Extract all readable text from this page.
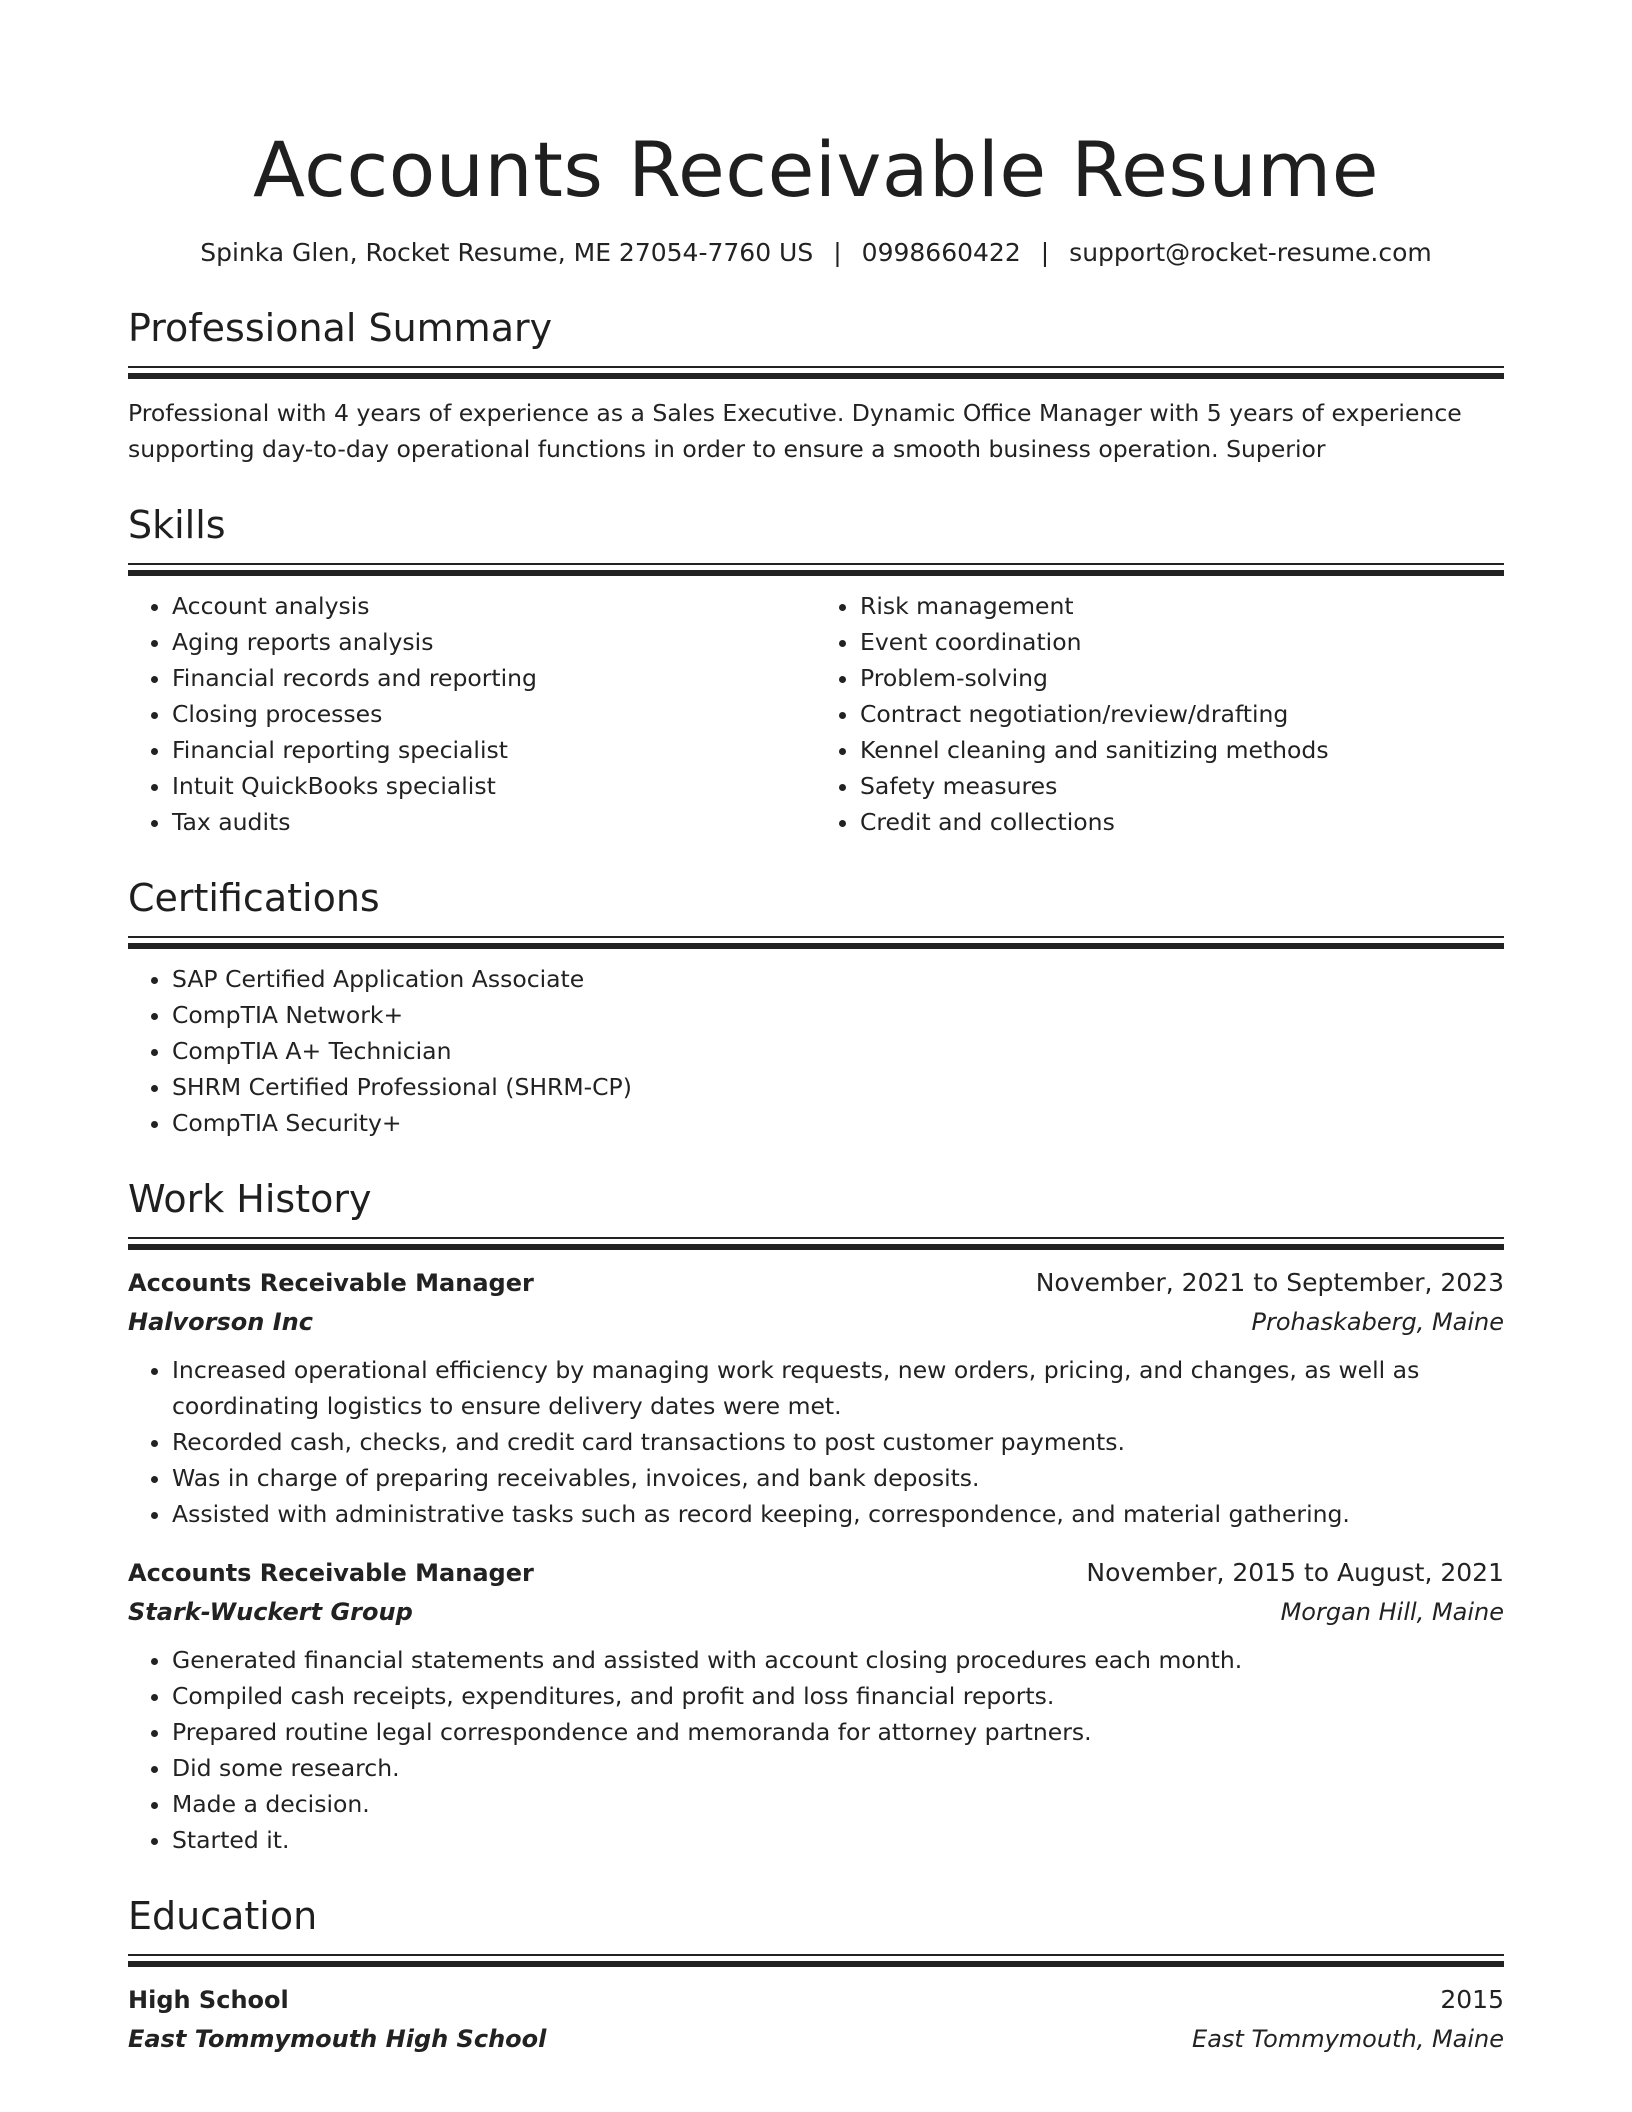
Accounts Receivable Resume
Spinka Glen, Rocket Resume, ME 27054-7760 US | 0998660422 | support@rocket-resume.com
Professional Summary
Professional with 4 years of experience as a Sales Executive. Dynamic Office Manager with 5 years of experience supporting day-to-day operational functions in order to ensure a smooth business operation. Superior
Skills
• Account analysis
• Aging reports analysis
• Financial records and reporting
• Closing processes
• Financial reporting specialist
• Intuit QuickBooks specialist
• Tax audits
• Risk management
• Event coordination
• Problem-solving
• Contract negotiation/review/drafting
• Kennel cleaning and sanitizing methods
• Safety measures
• Credit and collections
Certifications
• SAP Certified Application Associate
• CompTIA Network+
• CompTIA A+ Technician
• SHRM Certified Professional (SHRM-CP)
• CompTIA Security+
Work History
Accounts Receivable Manager	November, 2021 to September, 2023
Halvorson Inc	Prohaskaberg, Maine
• Increased operational efficiency by managing work requests, new orders, pricing, and changes, as well as coordinating logistics to ensure delivery dates were met.
• Recorded cash, checks, and credit card transactions to post customer payments.
• Was in charge of preparing receivables, invoices, and bank deposits.
• Assisted with administrative tasks such as record keeping, correspondence, and material gathering.
Accounts Receivable Manager	November, 2015 to August, 2021
Stark-Wuckert Group	Morgan Hill, Maine
• Generated financial statements and assisted with account closing procedures each month.
• Compiled cash receipts, expenditures, and profit and loss financial reports.
• Prepared routine legal correspondence and memoranda for attorney partners.
• Did some research.
• Made a decision.
• Started it.
Education
High School	2015
East Tommymouth High School	East Tommymouth, Maine
